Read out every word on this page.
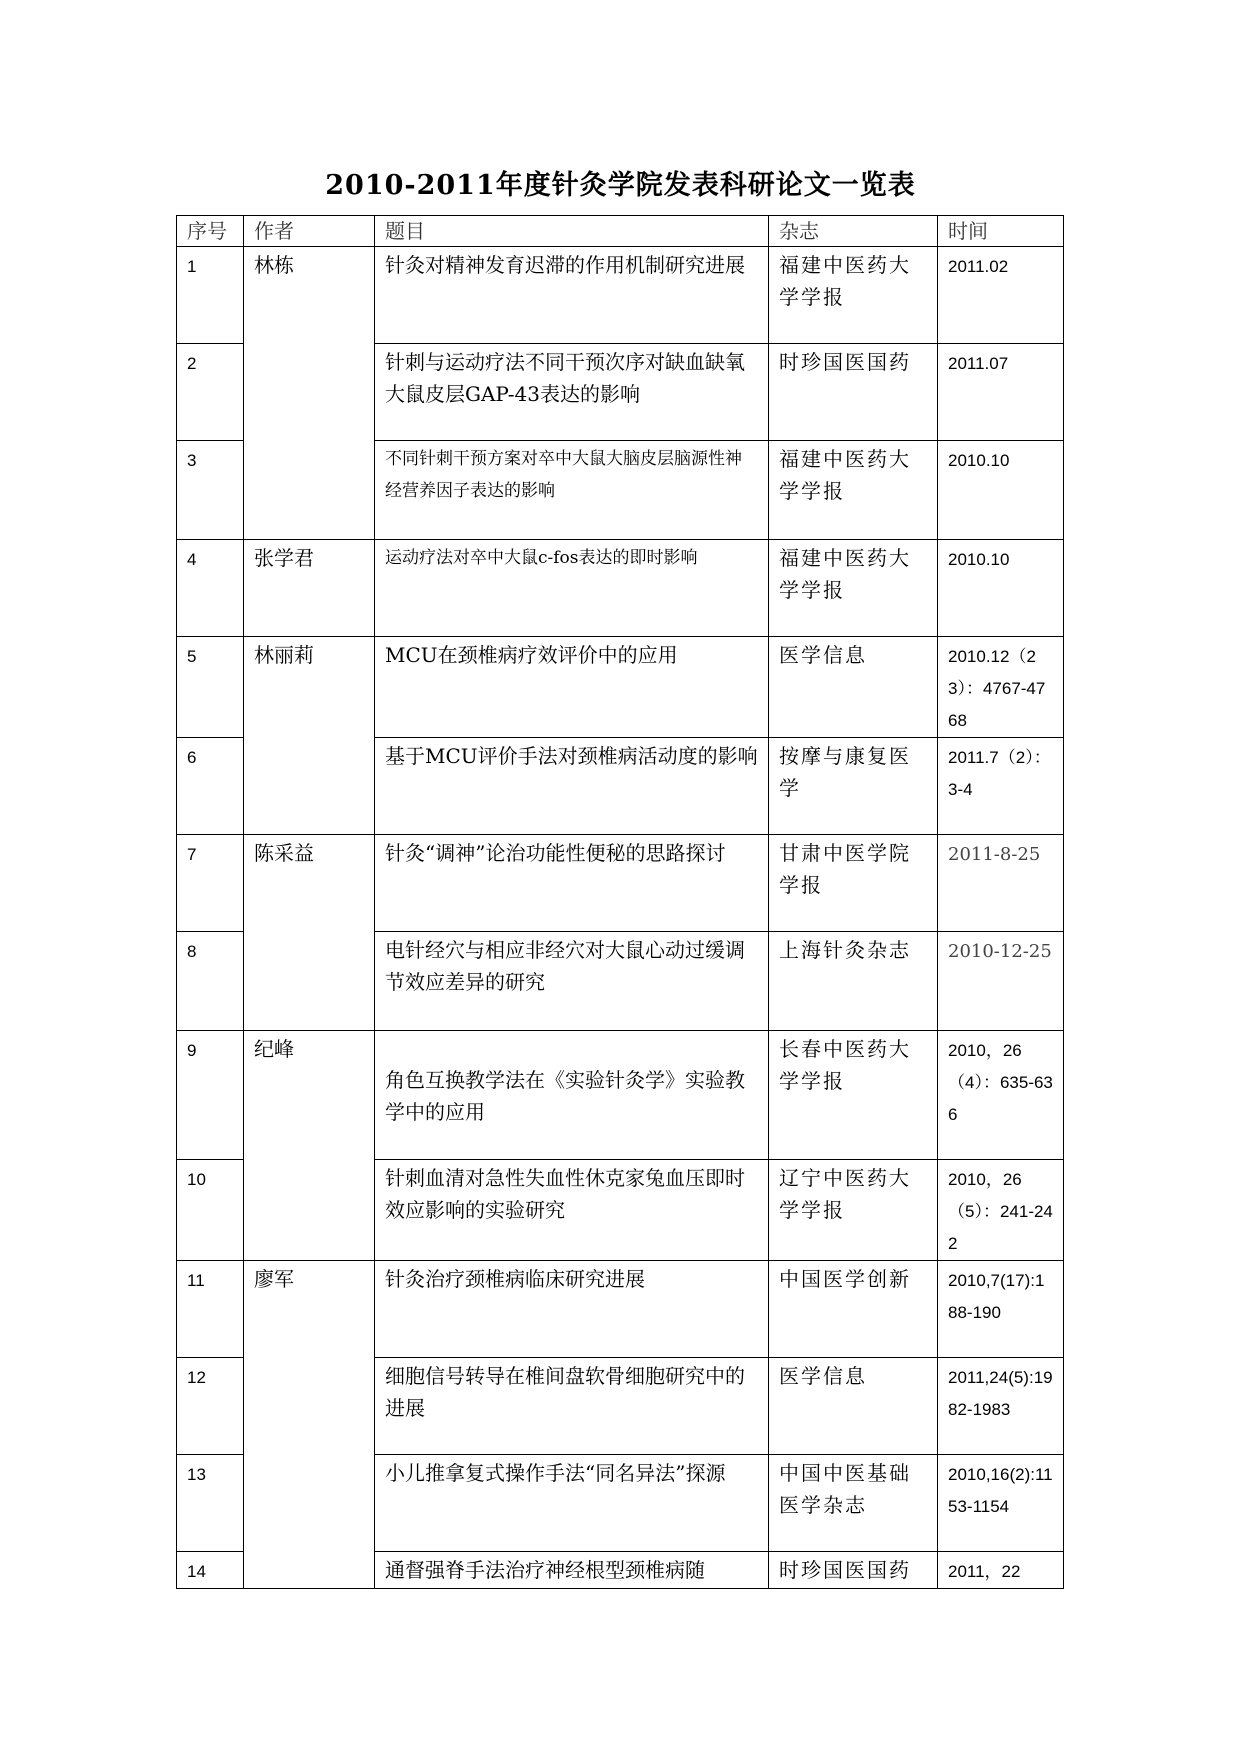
2010-2011年度针灸学院发表科研论文一览表
序号	作者	题目	杂志	时间
1	林栋	针灸对精神发育迟滞的作用机制研究进展	福建中医药大学学报	2011.02
2		针刺与运动疗法不同干预次序对缺血缺氧大鼠皮层GAP-43表达的影响	时珍国医国药	2011.07
3		不同针刺干预方案对卒中大鼠大脑皮层脑源性神经营养因子表达的影响	福建中医药大学学报	2010.10
4	张学君	运动疗法对卒中大鼠c-fos表达的即时影响	福建中医药大学学报	2010.10
5	林丽莉	MCU在颈椎病疗效评价中的应用	医学信息	2010.12（23）：4767-4768
6		基于MCU评价手法对颈椎病活动度的影响	按摩与康复医学	2011.7（2）：3-4
7	陈采益	针灸“调神”论治功能性便秘的思路探讨	甘肃中医学院学报	2011-8-25
8		电针经穴与相应非经穴对大鼠心动过缓调节效应差异的研究	上海针灸杂志	2010-12-25
9	纪峰	角色互换教学法在《实验针灸学》实验教学中的应用	长春中医药大学学报	2010，26（4）：635-636
10		针刺血清对急性失血性休克家兔血压即时效应影响的实验研究	辽宁中医药大学学报	2010，26（5）：241-242
11	廖军	针灸治疗颈椎病临床研究进展	中国医学创新	2010,7(17):188-190
12		细胞信号转导在椎间盘软骨细胞研究中的进展	医学信息	2011,24(5):1982-1983
13		小儿推拿复式操作手法“同名异法”探源	中国中医基础医学杂志	2010,16(2):1153-1154
14		通督强脊手法治疗神经根型颈椎病随	时珍国医国药	2011，22
